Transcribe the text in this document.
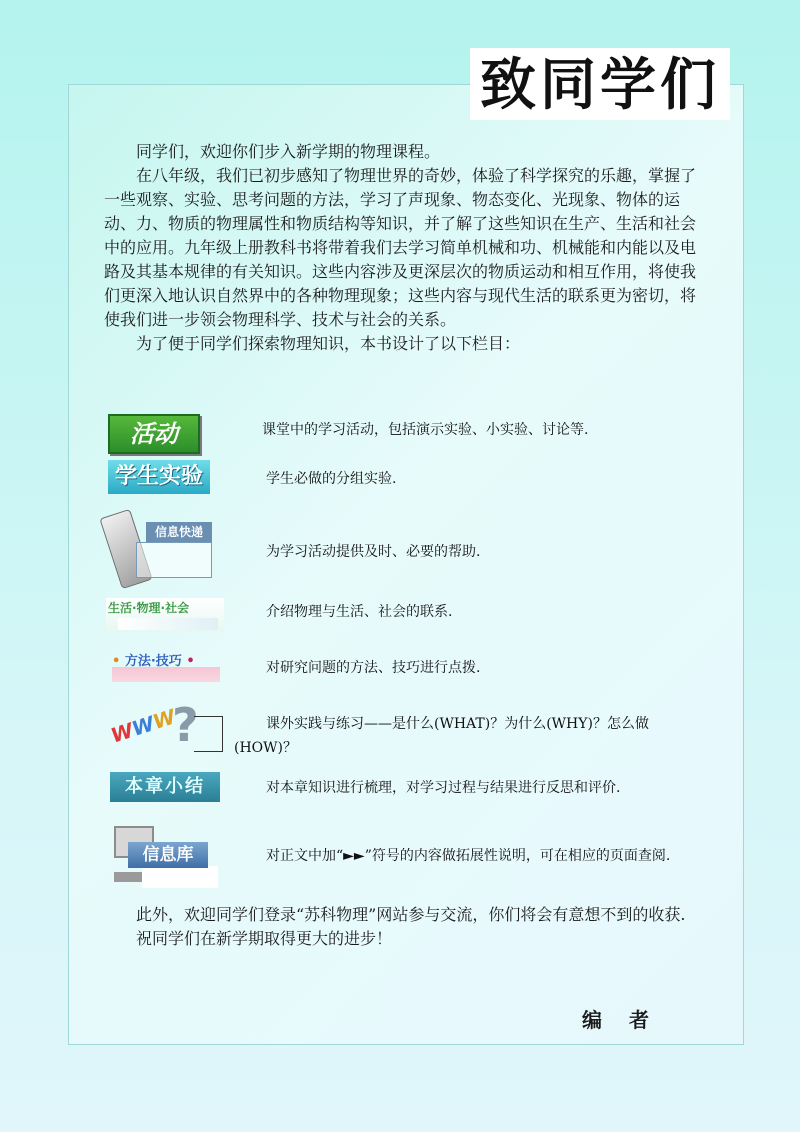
致同学们

同学们，欢迎你们步入新学期的物理课程。

在八年级，我们已初步感知了物理世界的奇妙，体验了科学探究的乐趣，掌握了一些观察、实验、思考问题的方法，学习了声现象、物态变化、光现象、物体的运动、力、物质的物理属性和物质结构等知识，并了解了这些知识在生产、生活和社会中的应用。九年级上册教科书将带着我们去学习简单机械和功、机械能和内能以及电路及其基本规律的有关知识。这些内容涉及更深层次的物质运动和相互作用，将使我们更深入地认识自然界中的各种物理现象；这些内容与现代生活的联系更为密切，将使我们进一步领会物理科学、技术与社会的关系。

为了便于同学们探索物理知识，本书设计了以下栏目：

活动
学生实验
信息快递
生活·物理·社会
• 方法·技巧 •
WWW
?
本章小结
信息库
课堂中的学习活动，包括演示实验、小实验、讨论等.
学生必做的分组实验.
为学习活动提供及时、必要的帮助.
介绍物理与生活、社会的联系.
对研究问题的方法、技巧进行点拨.
课外实践与练习——是什么(WHAT)？为什么(WHY)？怎么做(HOW)？
对本章知识进行梳理，对学习过程与结果进行反思和评价.
对正文中加“►►”符号的内容做拓展性说明，可在相应的页面查阅.

此外，欢迎同学们登录“苏科物理”网站参与交流，你们将会有意想不到的收获.

祝同学们在新学期取得更大的进步！

编 者
